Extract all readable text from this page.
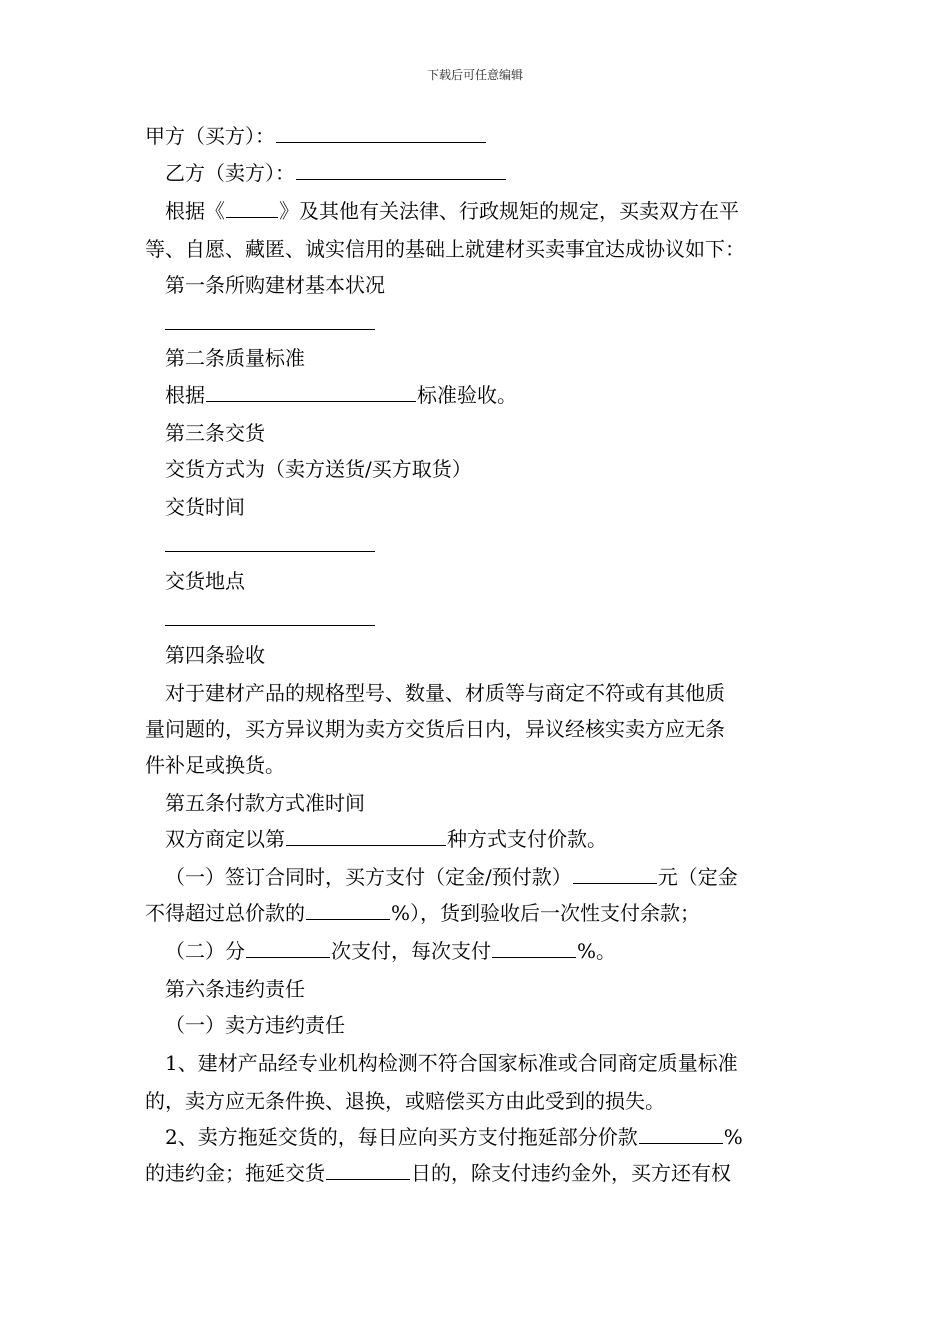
下载后可任意编辑
甲方（买方）：
乙方（卖方）：
根据《	》及其他有关法律、行政规矩的规定，买卖双方在平
等、自愿、藏匿、诚实信用的基础上就建材买卖事宜达成协议如下：
第一条所购建材基本状况
第二条质量标准
根据	标准验收。
第三条交货
交货方式为（卖方送货/买方取货）
交货时间
交货地点
第四条验收
对于建材产品的规格型号、数量、材质等与商定不符或有其他质
量问题的，买方异议期为卖方交货后日内，异议经核实卖方应无条
件补足或换货。
第五条付款方式准时间
双方商定以第	种方式支付价款。
（一）签订合同时，买方支付（定金/预付款）	元（定金
不得超过总价款的	%），货到验收后一次性支付余款；
（二）分	次支付，每次支付	%。
第六条违约责任
（一）卖方违约责任
1、建材产品经专业机构检测不符合国家标准或合同商定质量标准
的，卖方应无条件换、退换，或赔偿买方由此受到的损失。
2、卖方拖延交货的，每日应向买方支付拖延部分价款	%
的违约金；拖延交货	日的，除支付违约金外，买方还有权
